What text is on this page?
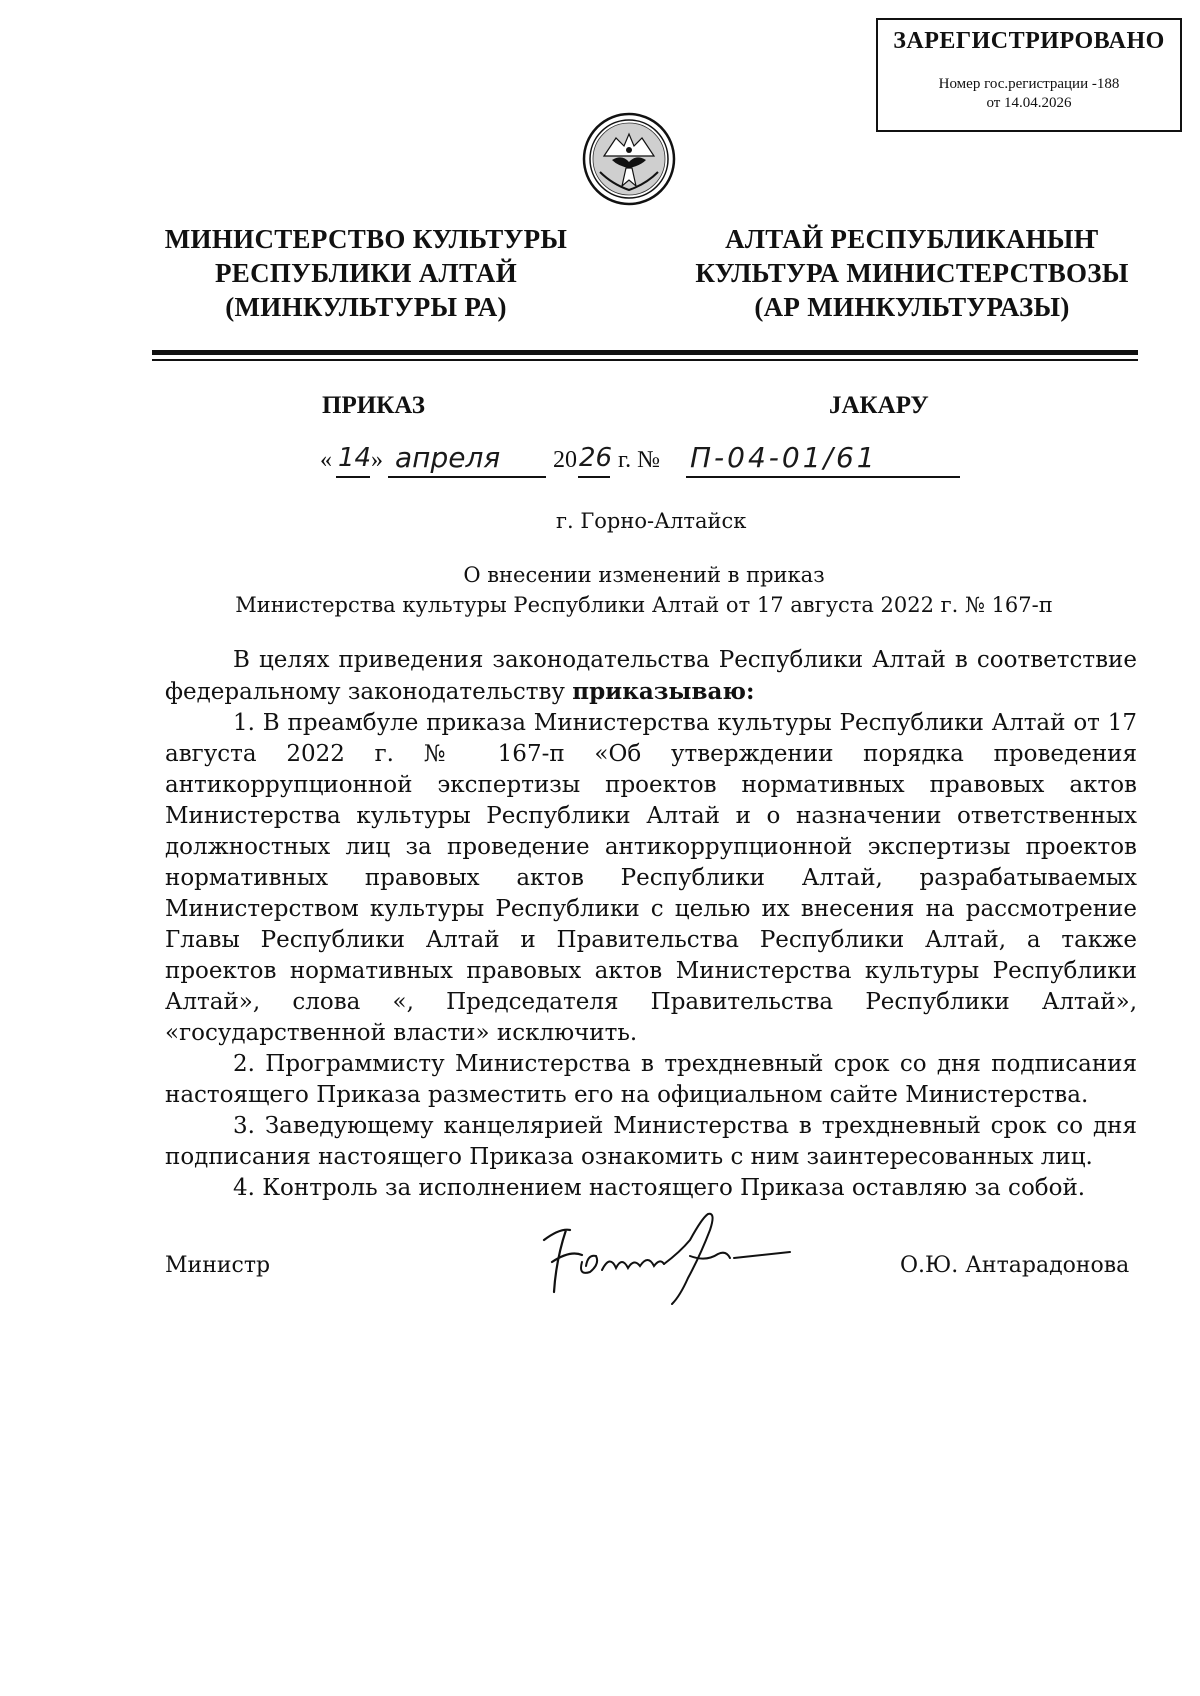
ЗАРЕГИСТРИРОВАНО
Номер гос.регистрации -188
от 14.04.2026
МИНИСТЕРСТВО КУЛЬТУРЫ
РЕСПУБЛИКИ АЛТАЙ
(МИНКУЛЬТУРЫ РА)
АЛТАЙ РЕСПУБЛИКАНЫҤ
КУЛЬТУРА МИНИСТЕРСТВОЗЫ
(АР МИНКУЛЬТУРАЗЫ)
ПРИКАЗ	ЈАКАРУ
« 14 » апреля 20 26 г. № П-04-01/61
г. Горно-Алтайск
О внесении изменений в приказ
Министерства культуры Республики Алтай от 17 августа 2022 г. № 167-п

В целях приведения законодательства Республики Алтай в соответствие федеральному законодательству приказываю:

1. В преамбуле приказа Министерства культуры Республики Алтай от 17 августа 2022 г. № 167-п «Об утверждении порядка проведения антикоррупционной экспертизы проектов нормативных правовых актов Министерства культуры Республики Алтай и о назначении ответственных должностных лиц за проведение антикоррупционной экспертизы проектов нормативных правовых актов Республики Алтай, разрабатываемых Министерством культуры Республики с целью их внесения на рассмотрение Главы Республики Алтай и Правительства Республики Алтай, а также проектов нормативных правовых актов Министерства культуры Республики Алтай», слова «, Председателя Правительства Республики Алтай», «государственной власти» исключить.

2. Программисту Министерства в трехдневный срок со дня подписания настоящего Приказа разместить его на официальном сайте Министерства.

3. Заведующему канцелярией Министерства в трехдневный срок со дня подписания настоящего Приказа ознакомить с ним заинтересованных лиц.

4. Контроль за исполнением настоящего Приказа оставляю за собой.

Министр	О.Ю. Антарадонова
